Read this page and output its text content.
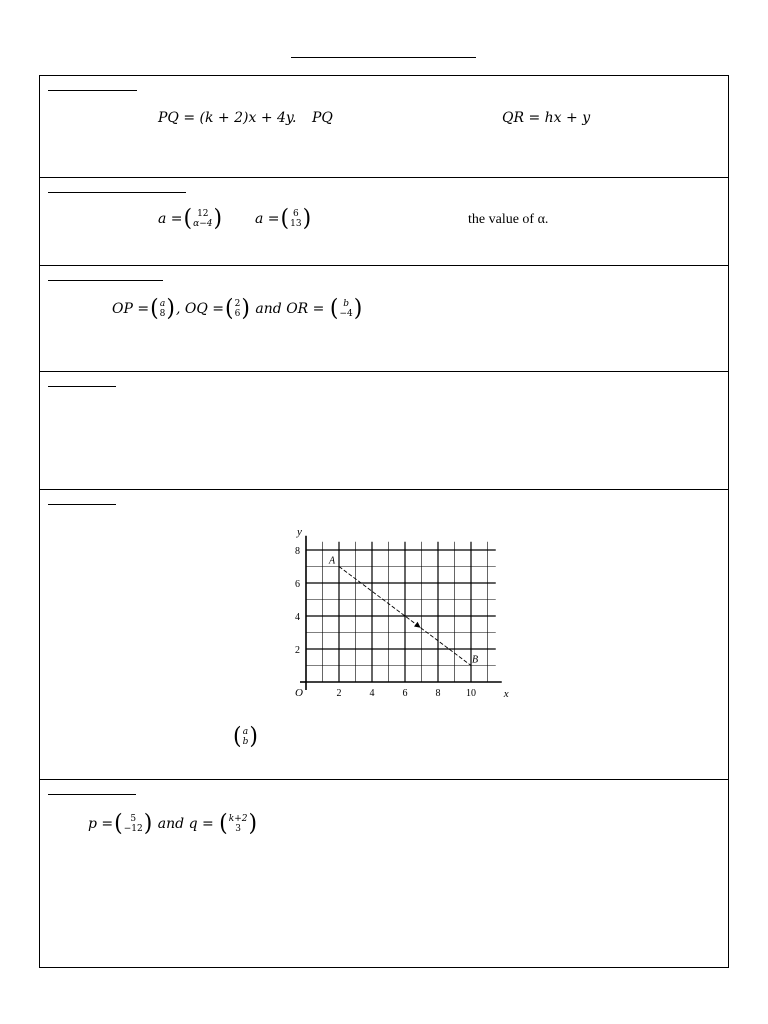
PQ = (k + 2)x + 4y. PQ	QR = hx + y
a = ( 12
α−4 ) a = ( 6
13 )	the value of α.
OP = ( a
8 ) , OQ = ( 2
6 ) and OR = ( b
−4 )
2	4	6	8	10
2
4
6
8
A
B
y
x
O
( a
b )
p = ( 5
−12 ) and q = ( k+2
3 )
